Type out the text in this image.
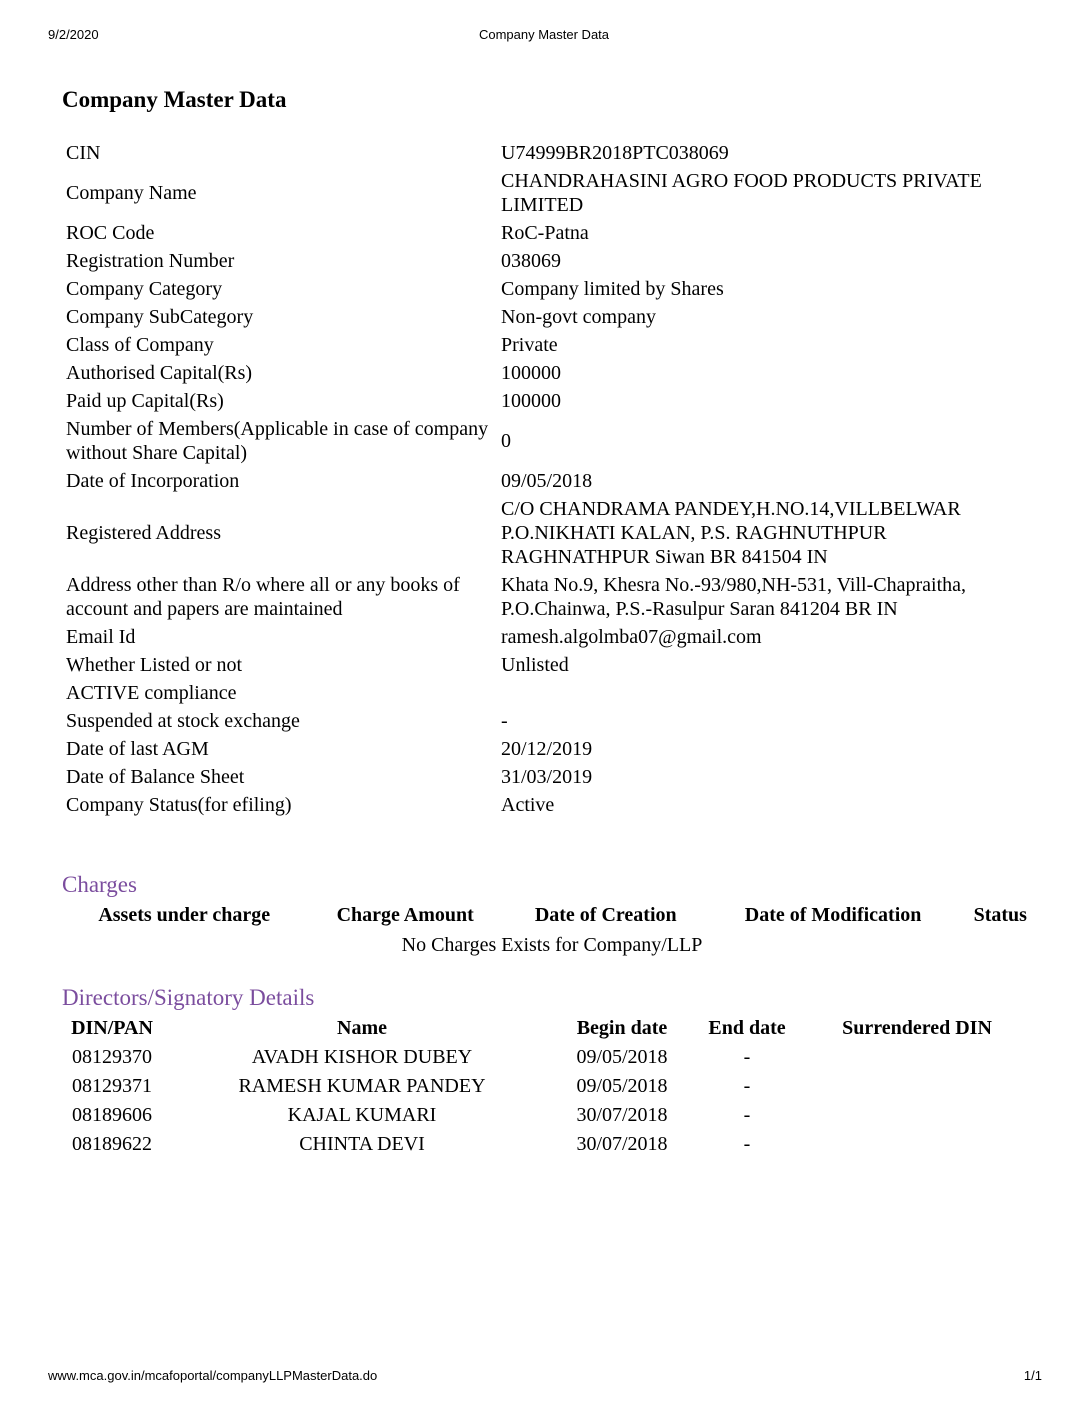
9/2/2020	Company Master Data
Company Master Data
CIN	U74999BR2018PTC038069
Company Name	CHANDRAHASINI AGRO FOOD PRODUCTS PRIVATE LIMITED
ROC Code	RoC-Patna
Registration Number	038069
Company Category	Company limited by Shares
Company SubCategory	Non-govt company
Class of Company	Private
Authorised Capital(Rs)	100000
Paid up Capital(Rs)	100000
Number of Members(Applicable in case of company without Share Capital)	0
Date of Incorporation	09/05/2018
Registered Address	C/O CHANDRAMA PANDEY,H.NO.14,VILLBELWAR P.O.NIKHATI KALAN, P.S. RAGHNUTHPUR RAGHNATHPUR Siwan BR 841504 IN
Address other than R/o where all or any books of account and papers are maintained	Khata No.9, Khesra No.-93/980,NH-531, Vill-Chapraitha, P.O.Chainwa, P.S.-Rasulpur Saran 841204 BR IN
Email Id	ramesh.algolmba07@gmail.com
Whether Listed or not	Unlisted
ACTIVE compliance	
Suspended at stock exchange	-
Date of last AGM	20/12/2019
Date of Balance Sheet	31/03/2019
Company Status(for efiling)	Active
Charges
Assets under charge	Charge Amount	Date of Creation	Date of Modification	Status
No Charges Exists for Company/LLP
Directors/Signatory Details
DIN/PAN	Name	Begin date	End date	Surrendered DIN
08129370	AVADH KISHOR DUBEY	09/05/2018	-	
08129371	RAMESH KUMAR PANDEY	09/05/2018	-	
08189606	KAJAL KUMARI	30/07/2018	-	
08189622	CHINTA DEVI	30/07/2018	-	
www.mca.gov.in/mcafoportal/companyLLPMasterData.do	1/1
